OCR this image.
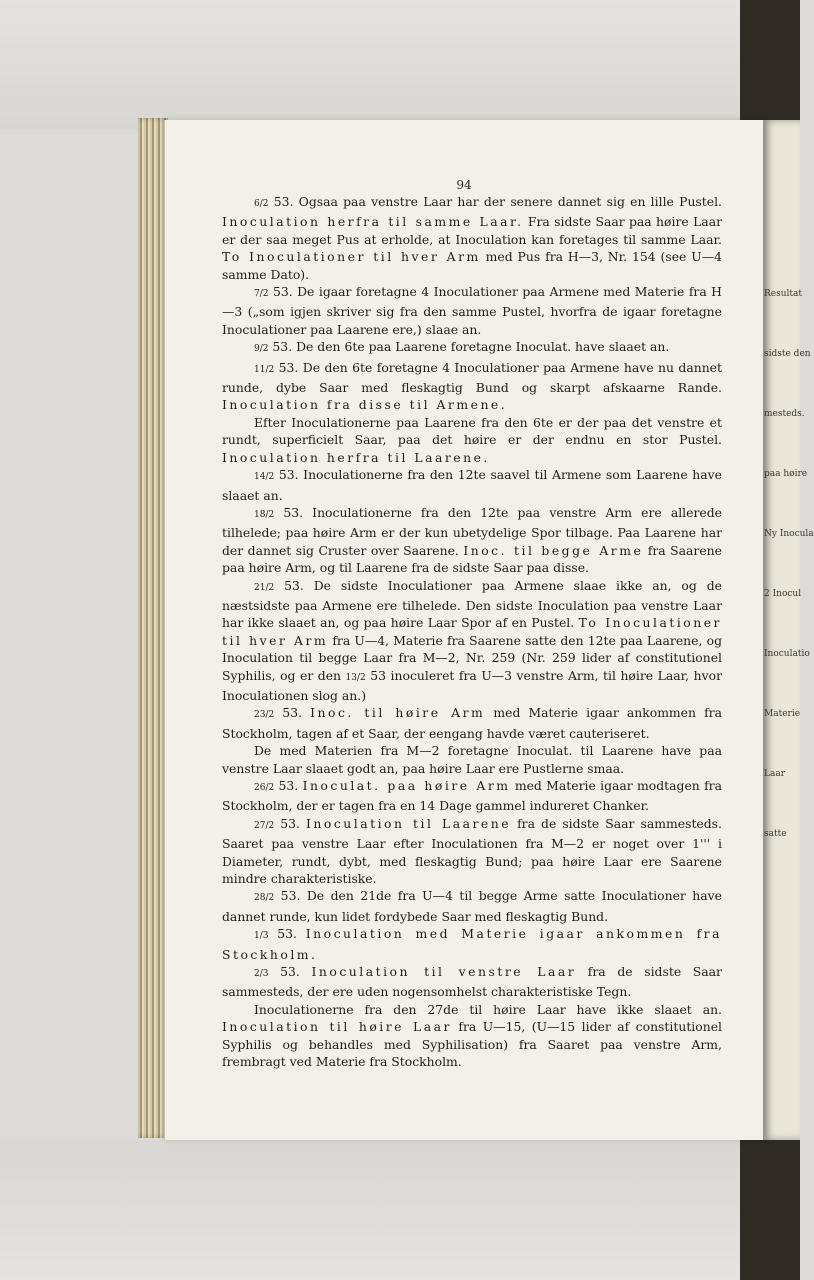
Resultat
sidste den
mesteds.
paa høire
Ny Inocula
2 Inocul
Inoculatio
Materie
Laar
satte
94

6/2 53. Ogsaa paa venstre Laar har der senere dannet sig en lille Pustel. Inoculation herfra til samme Laar. Fra sidste Saar paa høire Laar er der saa meget Pus at erholde, at Inoculation kan foretages til samme Laar. To Inoculationer til hver Arm med Pus fra H—3, Nr. 154 (see U—4 samme Dato).

7/2 53. De igaar foretagne 4 Inoculationer paa Armene med Materie fra H—3 („som igjen skriver sig fra den samme Pustel, hvorfra de igaar foretagne Inoculationer paa Laarene ere,) slaae an.

9/2 53. De den 6te paa Laarene foretagne Inoculat. have slaaet an.

11/2 53. De den 6te foretagne 4 Inoculationer paa Armene have nu dannet runde, dybe Saar med fleskagtig Bund og skarpt afskaarne Rande. Inoculation fra disse til Armene.

Efter Inoculationerne paa Laarene fra den 6te er der paa det venstre et rundt, superficielt Saar, paa det høire er der endnu en stor Pustel. Inoculation herfra til Laarene.

14/2 53. Inoculationerne fra den 12te saavel til Armene som Laarene have slaaet an.

18/2 53. Inoculationerne fra den 12te paa venstre Arm ere allerede tilhelede; paa høire Arm er der kun ubetydelige Spor tilbage. Paa Laarene har der dannet sig Cruster over Saarene. Inoc. til begge Arme fra Saarene paa høire Arm, og til Laarene fra de sidste Saar paa disse.

21/2 53. De sidste Inoculationer paa Armene slaae ikke an, og de næstsidste paa Armene ere tilhelede. Den sidste Inoculation paa venstre Laar har ikke slaaet an, og paa høire Laar Spor af en Pustel. To Inoculationer til hver Arm fra U—4, Materie fra Saarene satte den 12te paa Laarene, og Inoculation til begge Laar fra M—2, Nr. 259 (Nr. 259 lider af constitutionel Syphilis, og er den 13/2 53 inoculeret fra U—3 venstre Arm, til høire Laar, hvor Inoculationen slog an.)

23/2 53. Inoc. til høire Arm med Materie igaar ankommen fra Stockholm, tagen af et Saar, der eengang havde været cauteriseret.

De med Materien fra M—2 foretagne Inoculat. til Laarene have paa venstre Laar slaaet godt an, paa høire Laar ere Pustlerne smaa.

26/2 53. Inoculat. paa høire Arm med Materie igaar modtagen fra Stockholm, der er tagen fra en 14 Dage gammel indureret Chanker.

27/2 53. Inoculation til Laarene fra de sidste Saar sammesteds. Saaret paa venstre Laar efter Inoculationen fra M—2 er noget over 1''' i Diameter, rundt, dybt, med fleskagtig Bund; paa høire Laar ere Saarene mindre charakteristiske.

28/2 53. De den 21de fra U—4 til begge Arme satte Inoculationer have dannet runde, kun lidet fordybede Saar med fleskagtig Bund.

1/3 53. Inoculation med Materie igaar ankommen fra Stockholm.

2/3 53. Inoculation til venstre Laar fra de sidste Saar sammesteds, der ere uden nogensomhelst charakteristiske Tegn.

Inoculationerne fra den 27de til høire Laar have ikke slaaet an. Inoculation til høire Laar fra U—15, (U—15 lider af constitutionel Syphilis og behandles med Syphilisation) fra Saaret paa venstre Arm, frembragt ved Materie fra Stockholm.
